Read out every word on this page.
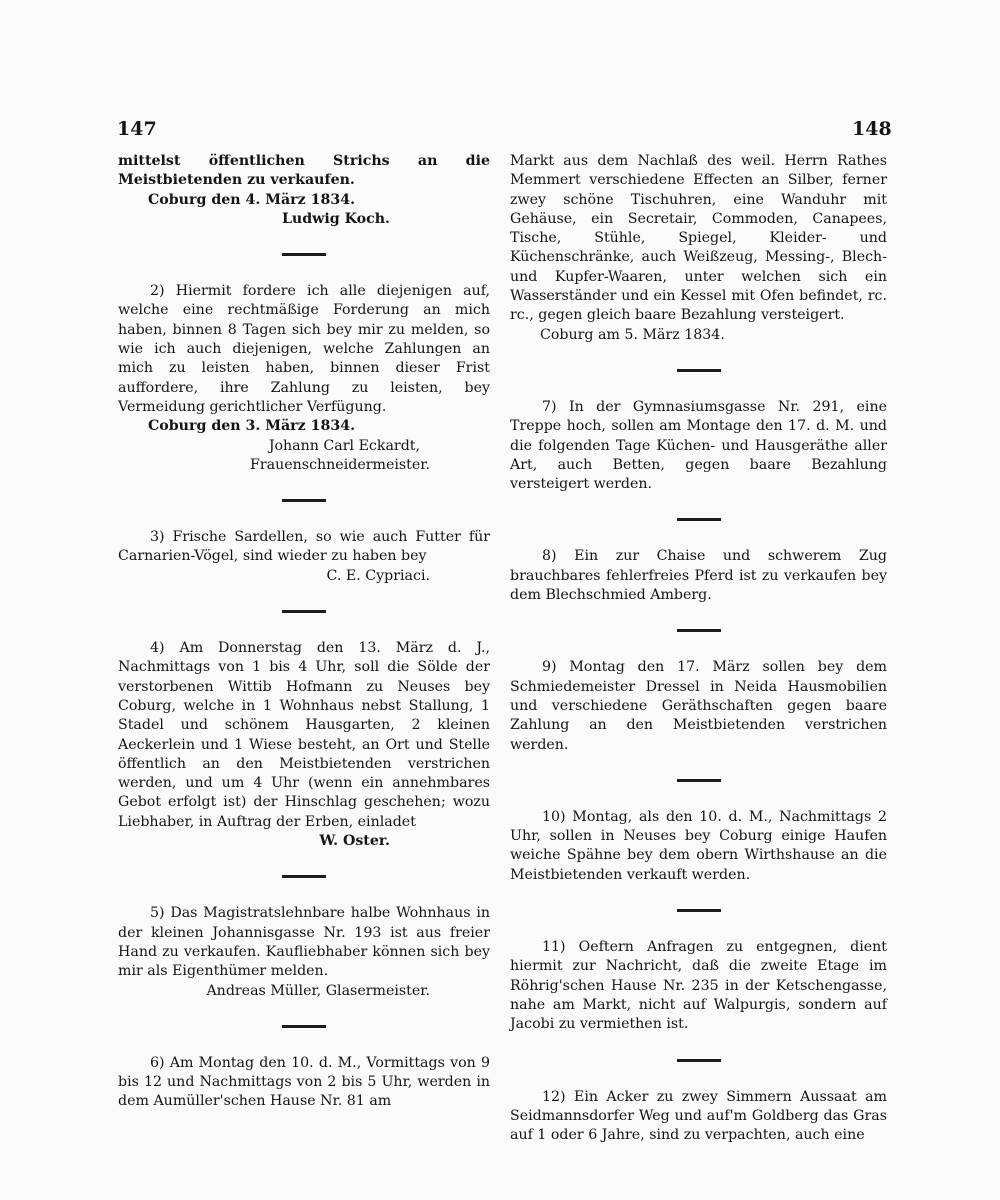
147	148

mittelst öffentlichen Strichs an die Meistbietenden zu verkaufen.

Coburg den 4. März 1834.

Ludwig Koch.

2) Hiermit fordere ich alle diejenigen auf, welche eine rechtmäßige Forderung an mich haben, binnen 8 Tagen sich bey mir zu melden, so wie ich auch diejenigen, welche Zahlungen an mich zu leisten haben, binnen dieser Frist auffordere, ihre Zahlung zu leisten, bey Vermeidung gerichtlicher Verfügung.

Coburg den 3. März 1834.

Johann Carl Eckardt,

Frauenschneidermeister.

3) Frische Sardellen, so wie auch Futter für Carnarien-Vögel, sind wieder zu haben bey

C. E. Cypriaci.

4) Am Donnerstag den 13. März d. J., Nachmittags von 1 bis 4 Uhr, soll die Sölde der verstorbenen Wittib Hofmann zu Neuses bey Coburg, welche in 1 Wohnhaus nebst Stallung, 1 Stadel und schönem Hausgarten, 2 kleinen Aeckerlein und 1 Wiese besteht, an Ort und Stelle öffentlich an den Meistbietenden verstrichen werden, und um 4 Uhr (wenn ein annehmbares Gebot erfolgt ist) der Hinschlag geschehen; wozu Liebhaber, in Auftrag der Erben, einladet

W. Oster.

5) Das Magistratslehnbare halbe Wohnhaus in der kleinen Johannisgasse Nr. 193 ist aus freier Hand zu verkaufen. Kaufliebhaber können sich bey mir als Eigenthümer melden.

Andreas Müller, Glasermeister.

6) Am Montag den 10. d. M., Vormittags von 9 bis 12 und Nachmittags von 2 bis 5 Uhr, werden in dem Aumüller'schen Hause Nr. 81 am

Markt aus dem Nachlaß des weil. Herrn Rathes Memmert verschiedene Effecten an Silber, ferner zwey schöne Tischuhren, eine Wanduhr mit Gehäuse, ein Secretair, Commoden, Canapees, Tische, Stühle, Spiegel, Kleider- und Küchenschränke, auch Weißzeug, Messing-, Blech- und Kupfer-Waaren, unter welchen sich ein Wasserständer und ein Kessel mit Ofen befindet, rc. rc., gegen gleich baare Bezahlung versteigert.

Coburg am 5. März 1834.

7) In der Gymnasiumsgasse Nr. 291, eine Treppe hoch, sollen am Montage den 17. d. M. und die folgenden Tage Küchen- und Hausgeräthe aller Art, auch Betten, gegen baare Bezahlung versteigert werden.

8) Ein zur Chaise und schwerem Zug brauchbares fehlerfreies Pferd ist zu verkaufen bey dem Blechschmied Amberg.

9) Montag den 17. März sollen bey dem Schmiedemeister Dressel in Neida Hausmobilien und verschiedene Geräthschaften gegen baare Zahlung an den Meistbietenden verstrichen werden.

10) Montag, als den 10. d. M., Nachmittags 2 Uhr, sollen in Neuses bey Coburg einige Haufen weiche Spähne bey dem obern Wirthshause an die Meistbietenden verkauft werden.

11) Oeftern Anfragen zu entgegnen, dient hiermit zur Nachricht, daß die zweite Etage im Röhrig'schen Hause Nr. 235 in der Ketschengasse, nahe am Markt, nicht auf Walpurgis, sondern auf Jacobi zu vermiethen ist.

12) Ein Acker zu zwey Simmern Aussaat am Seidmannsdorfer Weg und auf'm Goldberg das Gras auf 1 oder 6 Jahre, sind zu verpachten, auch eine
